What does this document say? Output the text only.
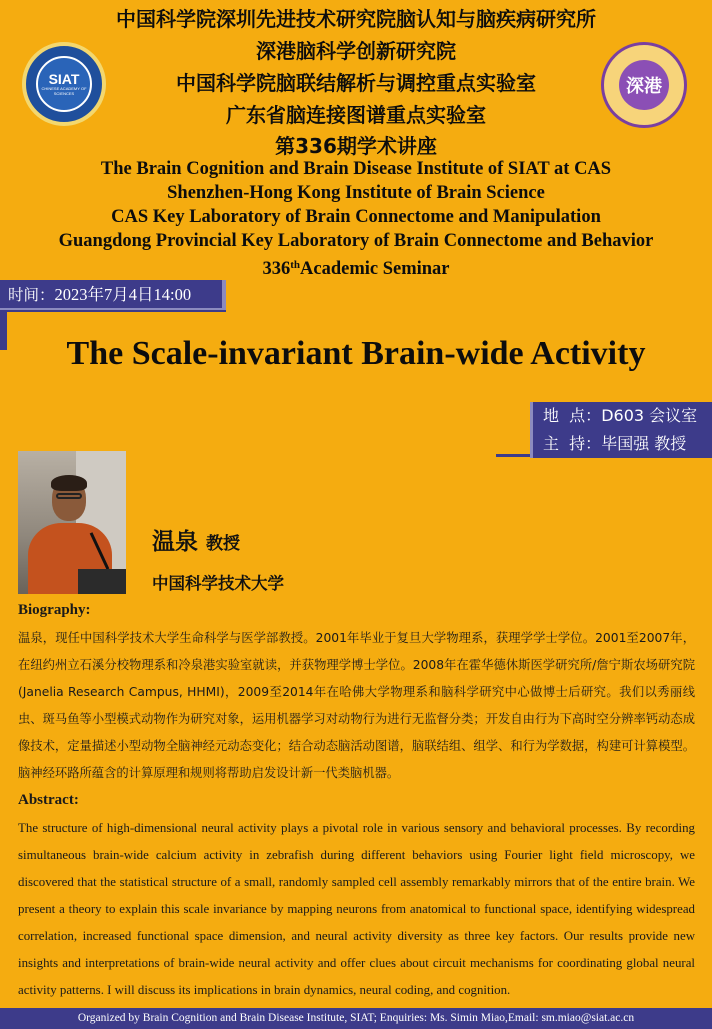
SIAT
CHINESE ACADEMY OF SCIENCES	深港
中国科学院深圳先进技术研究院脑认知与脑疾病研究所
深港脑科学创新研究院
中国科学院脑联结解析与调控重点实验室
广东省脑连接图谱重点实验室
第336期学术讲座
The Brain Cognition and Brain Disease Institute of SIAT at CAS
Shenzhen-Hong Kong Institute of Brain Science
CAS Key Laboratory of Brain Connectome and Manipulation
Guangdong Provincial Key Laboratory of Brain Connectome and Behavior
336thAcademic Seminar
时间：2023年7月4日14:00
The Scale-invariant Brain-wide Activity
地  点：D603 会议室
主  持：毕国强 教授
温泉 教授
中国科学技术大学
Biography:
温泉，现任中国科学技术大学生命科学与医学部教授。2001年毕业于复旦大学物理系，获理学学士学位。2001至2007年，在纽约州立石溪分校物理系和冷泉港实验室就读，并获物理学博士学位。2008年在霍华德休斯医学研究所/詹宁斯农场研究院 (Janelia Research Campus, HHMI)，2009至2014年在哈佛大学物理系和脑科学研究中心做博士后研究。我们以秀丽线虫、斑马鱼等小型模式动物作为研究对象，运用机器学习对动物行为进行无监督分类；开发自由行为下高时空分辨率钙动态成像技术，定量描述小型动物全脑神经元动态变化；结合动态脑活动图谱，脑联结组、组学、和行为学数据，构建可计算模型。脑神经环路所蕴含的计算原理和规则将帮助启发设计新一代类脑机器。
Abstract:
The structure of high-dimensional neural activity plays a pivotal role in various sensory and behavioral processes. By recording simultaneous brain-wide calcium activity in zebrafish during different behaviors using Fourier light field microscopy, we discovered that the statistical structure of a small, randomly sampled cell assembly remarkably mirrors that of the entire brain. We present a theory to explain this scale invariance by mapping neurons from anatomical to functional space, identifying widespread correlation, increased functional space dimension, and neural activity diversity as three key factors. Our results provide new insights and interpretations of brain-wide neural activity and offer clues about circuit mechanisms for coordinating global neural activity patterns. I will discuss its implications in brain dynamics, neural coding, and cognition.
Organized by Brain Cognition and Brain Disease Institute, SIAT; Enquiries: Ms. Simin Miao,Email: sm.miao@siat.ac.cn
